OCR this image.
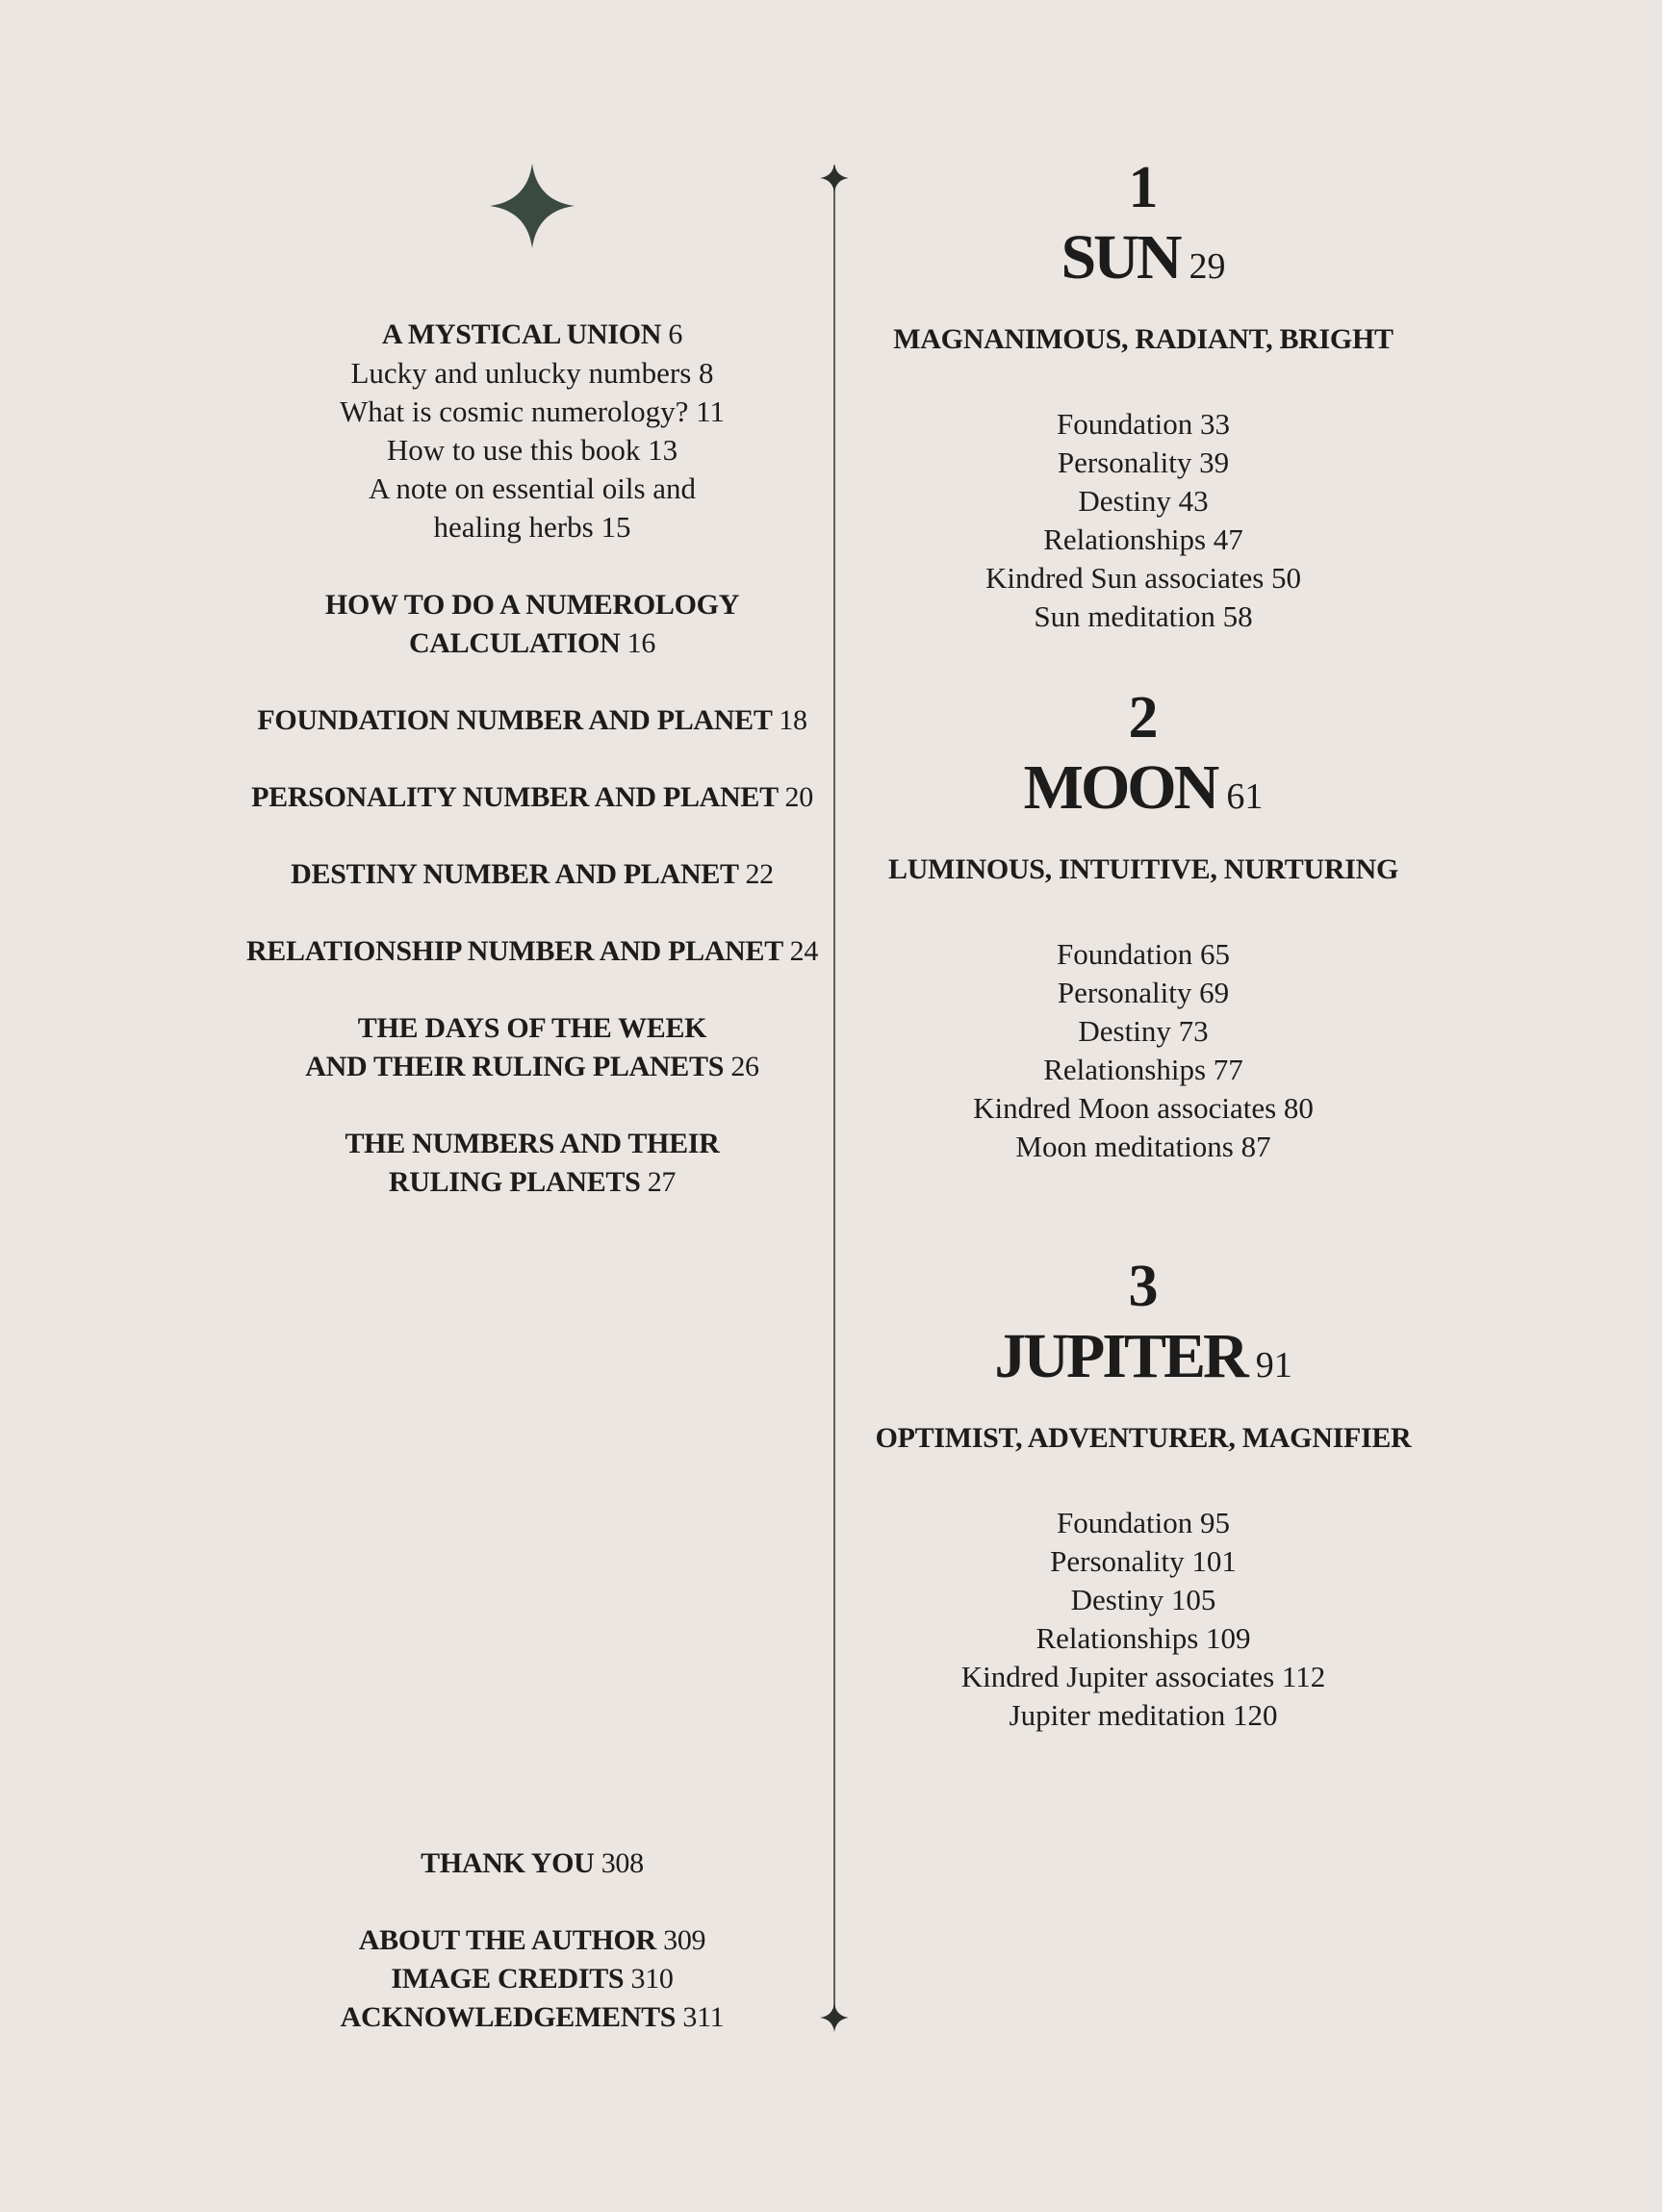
A MYSTICAL UNION 6

Lucky and unlucky numbers 8

What is cosmic numerology? 11

How to use this book 13

A note on essential oils and

healing herbs 15

HOW TO DO A NUMEROLOGY

CALCULATION 16

FOUNDATION NUMBER AND PLANET 18

PERSONALITY NUMBER AND PLANET 20

DESTINY NUMBER AND PLANET 22

RELATIONSHIP NUMBER AND PLANET 24

THE DAYS OF THE WEEK

AND THEIR RULING PLANETS 26

THE NUMBERS AND THEIR

RULING PLANETS 27

THANK YOU 308

ABOUT THE AUTHOR 309

IMAGE CREDITS 310

ACKNOWLEDGEMENTS 311

1

SUN 29

MAGNANIMOUS, RADIANT, BRIGHT

Foundation 33

Personality 39

Destiny 43

Relationships 47

Kindred Sun associates 50

Sun meditation 58

2

MOON 61

LUMINOUS, INTUITIVE, NURTURING

Foundation 65

Personality 69

Destiny 73

Relationships 77

Kindred Moon associates 80

Moon meditations 87

3

JUPITER 91

OPTIMIST, ADVENTURER, MAGNIFIER

Foundation 95

Personality 101

Destiny 105

Relationships 109

Kindred Jupiter associates 112

Jupiter meditation 120
